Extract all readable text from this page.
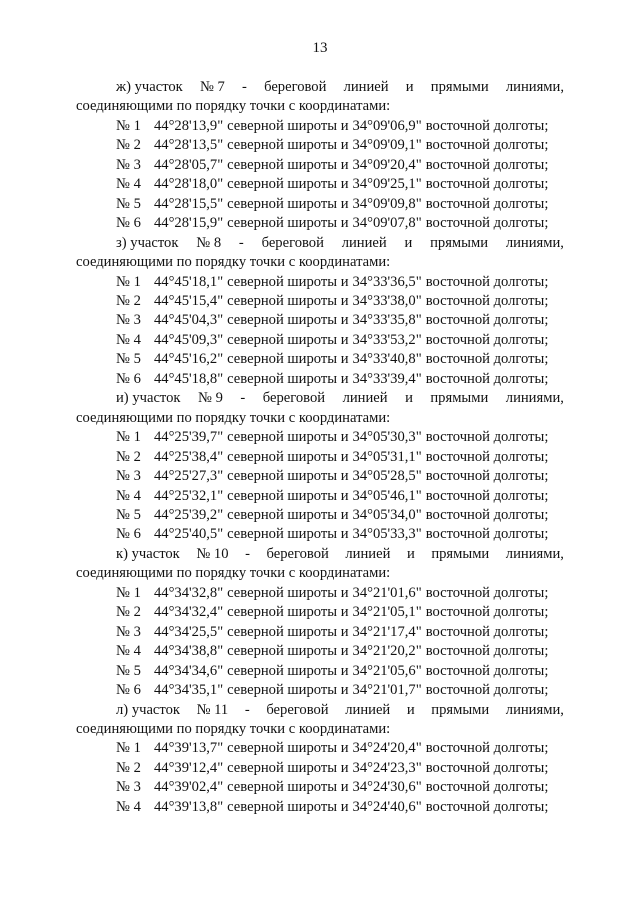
13
ж) участок № 7 - береговой линией и прямыми линиями,
соединяющими по порядку точки с координатами:
№ 1 44°28'13,9" северной широты и 34°09'06,9" восточной долготы;
№ 2 44°28'13,5" северной широты и 34°09'09,1" восточной долготы;
№ 3 44°28'05,7" северной широты и 34°09'20,4" восточной долготы;
№ 4 44°28'18,0" северной широты и 34°09'25,1" восточной долготы;
№ 5 44°28'15,5" северной широты и 34°09'09,8" восточной долготы;
№ 6 44°28'15,9" северной широты и 34°09'07,8" восточной долготы;
з) участок № 8 - береговой линией и прямыми линиями,
соединяющими по порядку точки с координатами:
№ 1 44°45'18,1" северной широты и 34°33'36,5" восточной долготы;
№ 2 44°45'15,4" северной широты и 34°33'38,0" восточной долготы;
№ 3 44°45'04,3" северной широты и 34°33'35,8" восточной долготы;
№ 4 44°45'09,3" северной широты и 34°33'53,2" восточной долготы;
№ 5 44°45'16,2" северной широты и 34°33'40,8" восточной долготы;
№ 6 44°45'18,8" северной широты и 34°33'39,4" восточной долготы;
и) участок № 9 - береговой линией и прямыми линиями,
соединяющими по порядку точки с координатами:
№ 1 44°25'39,7" северной широты и 34°05'30,3" восточной долготы;
№ 2 44°25'38,4" северной широты и 34°05'31,1" восточной долготы;
№ 3 44°25'27,3" северной широты и 34°05'28,5" восточной долготы;
№ 4 44°25'32,1" северной широты и 34°05'46,1" восточной долготы;
№ 5 44°25'39,2" северной широты и 34°05'34,0" восточной долготы;
№ 6 44°25'40,5" северной широты и 34°05'33,3" восточной долготы;
к) участок № 10 - береговой линией и прямыми линиями,
соединяющими по порядку точки с координатами:
№ 1 44°34'32,8" северной широты и 34°21'01,6" восточной долготы;
№ 2 44°34'32,4" северной широты и 34°21'05,1" восточной долготы;
№ 3 44°34'25,5" северной широты и 34°21'17,4" восточной долготы;
№ 4 44°34'38,8" северной широты и 34°21'20,2" восточной долготы;
№ 5 44°34'34,6" северной широты и 34°21'05,6" восточной долготы;
№ 6 44°34'35,1" северной широты и 34°21'01,7" восточной долготы;
л) участок № 11 - береговой линией и прямыми линиями,
соединяющими по порядку точки с координатами:
№ 1 44°39'13,7" северной широты и 34°24'20,4" восточной долготы;
№ 2 44°39'12,4" северной широты и 34°24'23,3" восточной долготы;
№ 3 44°39'02,4" северной широты и 34°24'30,6" восточной долготы;
№ 4 44°39'13,8" северной широты и 34°24'40,6" восточной долготы;
